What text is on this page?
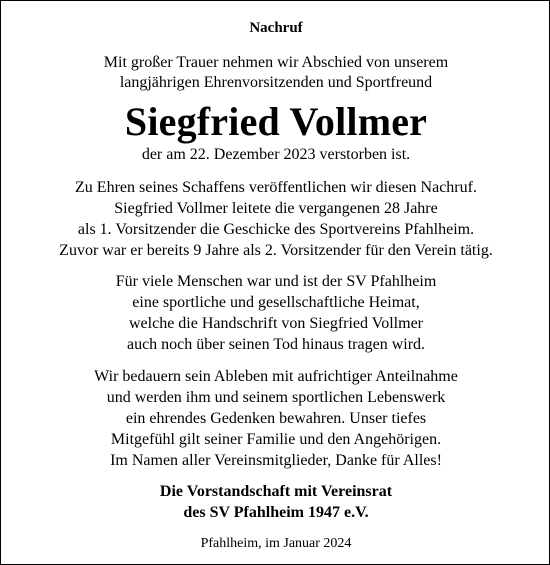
Nachruf
Mit großer Trauer nehmen wir Abschied von unserem
langjährigen Ehrenvorsitzenden und Sportfreund
Siegfried Vollmer
der am 22. Dezember 2023 verstorben ist.
Zu Ehren seines Schaffens veröffentlichen wir diesen Nachruf.
Siegfried Vollmer leitete die vergangenen 28 Jahre
als 1. Vorsitzender die Geschicke des Sportvereins Pfahlheim.
Zuvor war er bereits 9 Jahre als 2. Vorsitzender für den Verein tätig.
Für viele Menschen war und ist der SV Pfahlheim
eine sportliche und gesellschaftliche Heimat,
welche die Handschrift von Siegfried Vollmer
auch noch über seinen Tod hinaus tragen wird.
Wir bedauern sein Ableben mit aufrichtiger Anteilnahme
und werden ihm und seinem sportlichen Lebenswerk
ein ehrendes Gedenken bewahren. Unser tiefes
Mitgefühl gilt seiner Familie und den Angehörigen.
Im Namen aller Vereinsmitglieder, Danke für Alles!
Die Vorstandschaft mit Vereinsrat
des SV Pfahlheim 1947 e.V.
Pfahlheim, im Januar 2024
